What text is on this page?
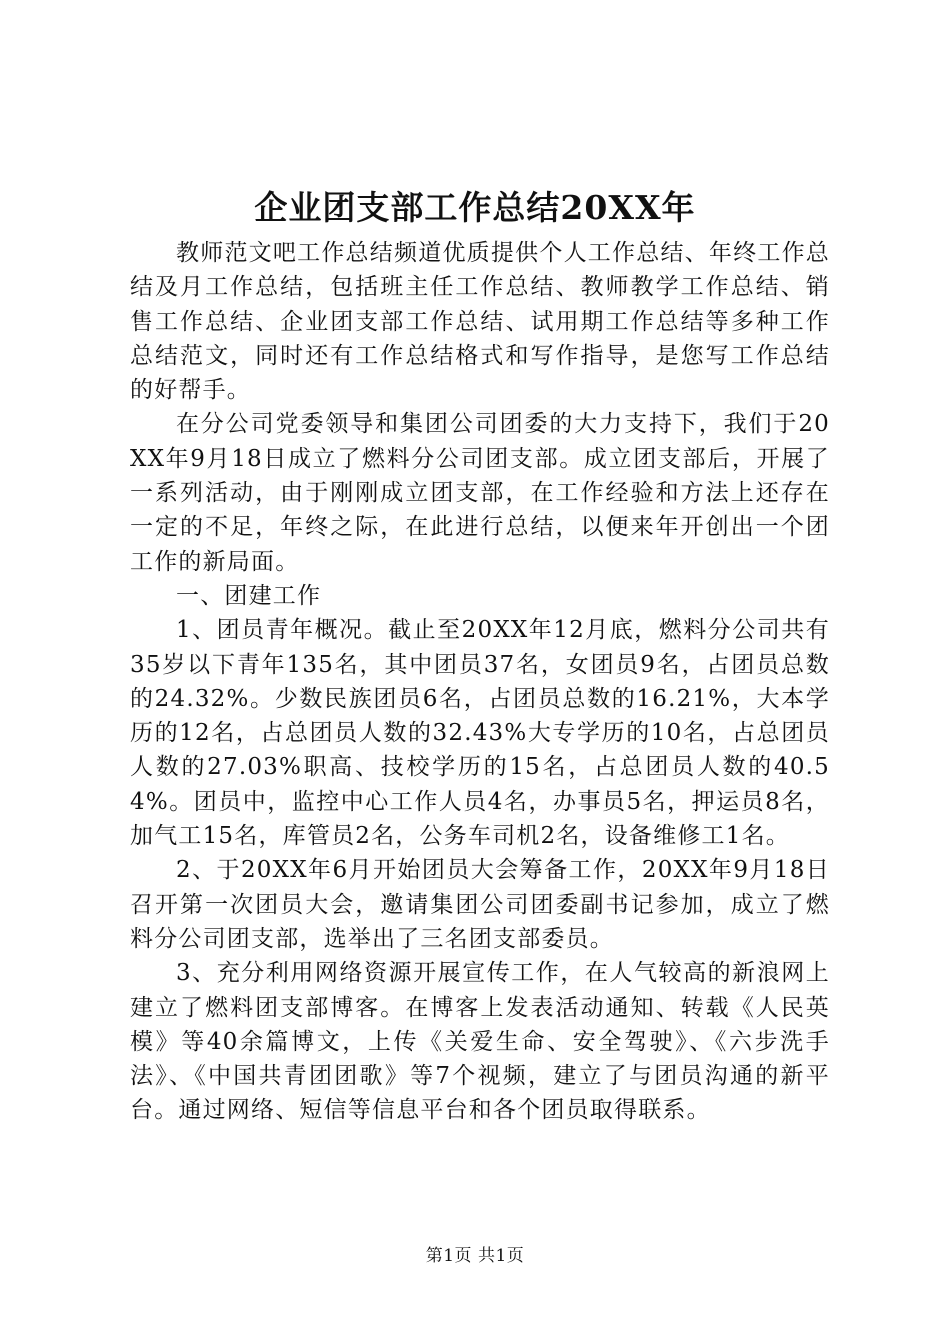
企业团支部工作总结20XX年

教师范文吧工作总结频道优质提供个人工作总结、年终工作总结及月工作总结，包括班主任工作总结、教师教学工作总结、销售工作总结、企业团支部工作总结、试用期工作总结等多种工作总结范文，同时还有工作总结格式和写作指导，是您写工作总结的好帮手。

在分公司党委领导和集团公司团委的大力支持下，我们于20XX年9月18日成立了燃料分公司团支部。成立团支部后，开展了一系列活动，由于刚刚成立团支部，在工作经验和方法上还存在一定的不足，年终之际，在此进行总结，以便来年开创出一个团工作的新局面。

一、团建工作

1、团员青年概况。截止至20XX年12月底，燃料分公司共有35岁以下青年135名，其中团员37名，女团员9名，占团员总数的24.32%。少数民族团员6名，占团员总数的16.21%，大本学历的12名，占总团员人数的32.43%大专学历的10名，占总团员人数的27.03%职高、技校学历的15名，占总团员人数的40.54%。团员中，监控中心工作人员4名，办事员5名，押运员8名，加气工15名，库管员2名，公务车司机2名，设备维修工1名。

2、于20XX年6月开始团员大会筹备工作，20XX年9月18日召开第一次团员大会，邀请集团公司团委副书记参加，成立了燃料分公司团支部，选举出了三名团支部委员。

3、充分利用网络资源开展宣传工作，在人气较高的新浪网上建立了燃料团支部博客。在博客上发表活动通知、转载《人民英模》等40余篇博文，上传《关爱生命、安全驾驶》、《六步洗手法》、《中国共青团团歌》等7个视频，建立了与团员沟通的新平台。通过网络、短信等信息平台和各个团员取得联系。

第1页 共1页
